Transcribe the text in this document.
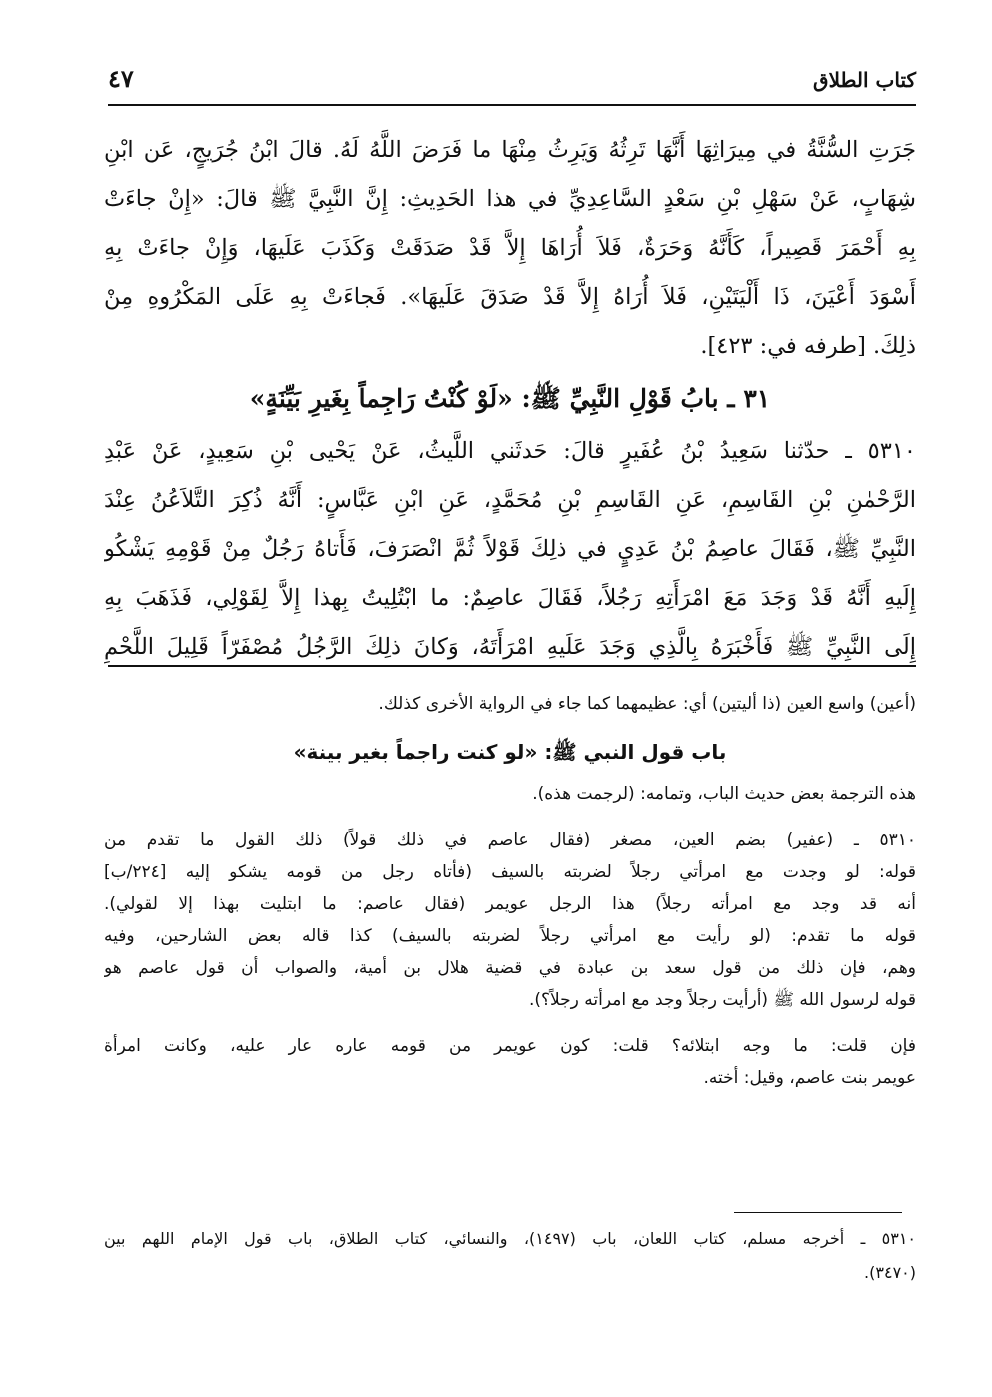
كتاب الطلاق
٤٧
جَرَتِ السُّنَّةُ في مِيرَاثِهَا أَنَّهَا تَرِثُهُ وَيَرِثُ مِنْهَا ما فَرَضَ اللَّهُ لَهُ. قالَ ابْنُ جُرَيجٍ، عَن ابْنِ
شِهَابٍ، عَنْ سَهْلِ بْنِ سَعْدٍ السَّاعِدِيِّ في هذا الحَدِيثِ: إِنَّ النَّبِيَّ ﷺ قالَ: «إِنْ جاءَتْ
بِهِ أَحْمَرَ قَصِيراً، كَأَنَّهُ وَحَرَةٌ، فَلاَ أُرَاهَا إِلاَّ قَدْ صَدَقَتْ وَكَذَبَ عَلَيهَا، وَإِنْ جاءَتْ بِهِ
أَسْوَدَ أَعْيَنَ، ذَا أَلْيَتَيْنِ، فَلاَ أُرَاهُ إِلاَّ قَدْ صَدَقَ عَلَيهَا». فَجاءَتْ بِهِ عَلَى المَكْرُوهِ مِنْ
ذلِكَ. [طرفه في: ٤٢٣].
٣١ ـ بابُ قَوْلِ النَّبِيِّ ﷺ: «لَوْ كُنْتُ رَاجِماً بِغَيرِ بَيِّنَةٍ»
٥٣١٠ ـ حدّثنا سَعِيدُ بْنُ عُفَيرٍ قالَ: حَدثَني اللَّيثُ، عَنْ يَحْيى بْنِ سَعِيدٍ، عَنْ عَبْدِ
الرَّحْمٰنِ بْنِ القَاسِمِ، عَنِ القَاسِمِ بْنِ مُحَمَّدٍ، عَنِ ابْنِ عَبَّاسٍ: أَنَّهُ ذُكِرَ التَّلاَعُنُ عِنْدَ
النَّبِيِّ ﷺ، فَقَالَ عاصِمُ بْنُ عَدِيٍ في ذلِكَ قَوْلاً ثُمَّ انْصَرَفَ، فَأَتاهُ رَجُلٌ مِنْ قَوْمِهِ يَشْكُو
إِلَيهِ أَنَّهُ قَدْ وَجَدَ مَعَ امْرَأَتِهِ رَجُلاً، فَقَالَ عاصِمٌ: ما ابْتُلِيتُ بِهذا إِلاَّ لِقَوْلِي، فَذَهَبَ بِهِ
إِلَى النَّبِيِّ ﷺ فَأَخْبَرَهُ بِالَّذِي وَجَدَ عَلَيهِ امْرَأَتَهُ، وَكانَ ذلِكَ الرَّجُلُ مُصْفَرّاً قَلِيلَ اللَّحْمِ
(أعين) واسع العين (ذا أليتين) أي: عظيمهما كما جاء في الرواية الأخرى كذلك.
باب قول النبي ﷺ: «لو كنت راجماً بغير بينة»
هذه الترجمة بعض حديث الباب، وتمامه: (لرجمت هذه).
٥٣١٠ ـ (عفير) بضم العين، مصغر (فقال عاصم في ذلك قولاً) ذلك القول ما تقدم من
قوله: لو وجدت مع امرأتي رجلاً لضربته بالسيف (فأتاه رجل من قومه يشكو إليه [٢٢٤/ب]
أنه قد وجد مع امرأته رجلاً) هذا الرجل عويمر (فقال عاصم: ما ابتليت بهذا إلا لقولي).
قوله ما تقدم: (لو رأيت مع امرأتي رجلاً لضربته بالسيف) كذا قاله بعض الشارحين، وفيه
وهم، فإن ذلك من قول سعد بن عبادة في قضية هلال بن أمية، والصواب أن قول عاصم هو
قوله لرسول الله ﷺ (أرأيت رجلاً وجد مع امرأته رجلاً؟).
فإن قلت: ما وجه ابتلائه؟ قلت: كون عويمر من قومه عاره عار عليه، وكانت امرأة
عويمر بنت عاصم، وقيل: أخته.
٥٣١٠ ـ أخرجه مسلم، كتاب اللعان، باب (١٤٩٧)، والنسائي، كتاب الطلاق، باب قول الإمام اللهم بين
(٣٤٧٠).
